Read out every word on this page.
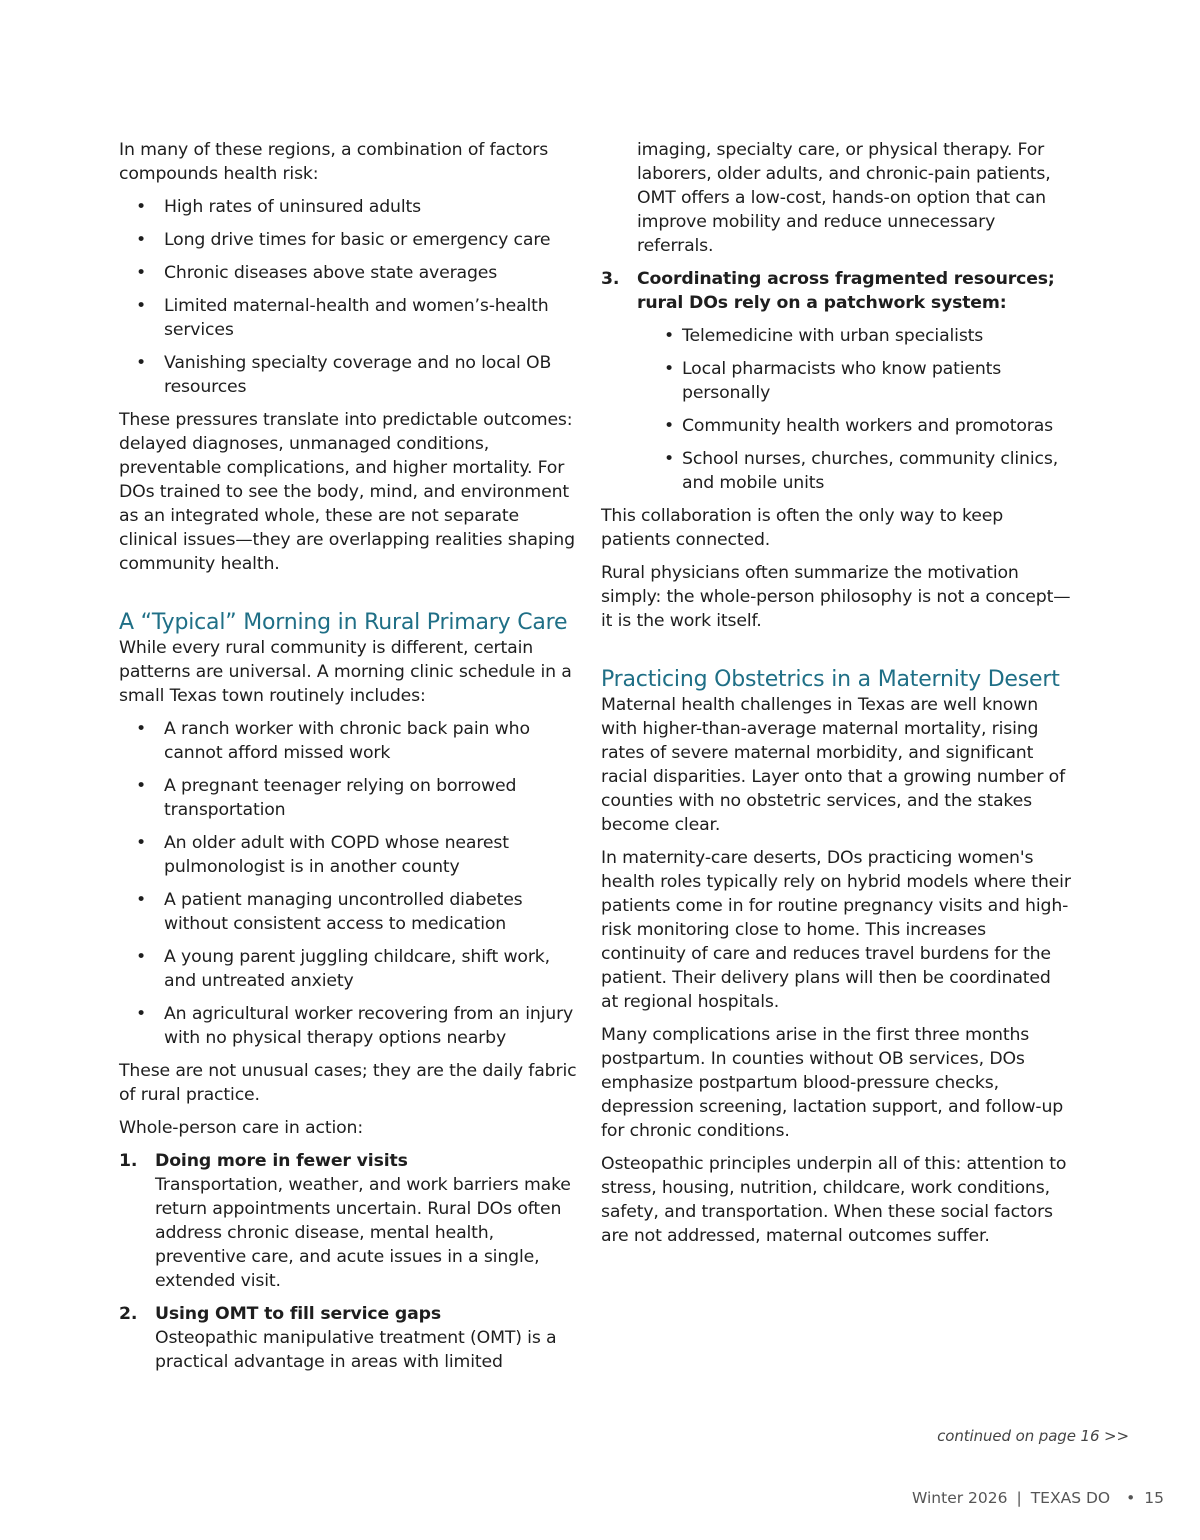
In many of these regions, a combination of factors compounds health risk:

• High rates of uninsured adults
• Long drive times for basic or emergency care
• Chronic diseases above state averages
• Limited maternal-health and women’s-health services
• Vanishing specialty coverage and no local OB resources

These pressures translate into predictable outcomes: delayed diagnoses, unmanaged conditions, preventable complications, and higher mortality. For DOs trained to see the body, mind, and environment as an integrated whole, these are not separate clinical issues—they are overlapping realities shaping community health.

A “Typical” Morning in Rural Primary Care

While every rural community is different, certain patterns are universal. A morning clinic schedule in a small Texas town routinely includes:

• A ranch worker with chronic back pain who cannot afford missed work
• A pregnant teenager relying on borrowed transportation
• An older adult with COPD whose nearest pulmonologist is in another county
• A patient managing uncontrolled diabetes without consistent access to medication
• A young parent juggling childcare, shift work, and untreated anxiety
• An agricultural worker recovering from an injury with no physical therapy options nearby

These are not unusual cases; they are the daily fabric of rural practice.

Whole-person care in action:

1. Doing more in fewer visits
Transportation, weather, and work barriers make return appointments uncertain. Rural DOs often address chronic disease, mental health, preventive care, and acute issues in a single, extended visit.
2. Using OMT to fill service gaps
Osteopathic manipulative treatment (OMT) is a practical advantage in areas with limited

imaging, specialty care, or physical therapy. For laborers, older adults, and chronic-pain patients, OMT offers a low-cost, hands-on option that can improve mobility and reduce unnecessary referrals.

3. Coordinating across fragmented resources; rural DOs rely on a patchwork system:
• Telemedicine with urban specialists
• Local pharmacists who know patients personally
• Community health workers and promotoras
• School nurses, churches, community clinics, and mobile units

This collaboration is often the only way to keep patients connected.

Rural physicians often summarize the motivation simply: the whole-person philosophy is not a concept—it is the work itself.

Practicing Obstetrics in a Maternity Desert

Maternal health challenges in Texas are well known with higher-than-average maternal mortality, rising rates of severe maternal morbidity, and significant racial disparities. Layer onto that a growing number of counties with no obstetric services, and the stakes become clear.

In maternity-care deserts, DOs practicing women's health roles typically rely on hybrid models where their patients come in for routine pregnancy visits and high-risk monitoring close to home. This increases continuity of care and reduces travel burdens for the patient. Their delivery plans will then be coordinated at regional hospitals.

Many complications arise in the first three months postpartum. In counties without OB services, DOs emphasize postpartum blood-pressure checks, depression screening, lactation support, and follow-up for chronic conditions.

Osteopathic principles underpin all of this: attention to stress, housing, nutrition, childcare, work conditions, safety, and transportation. When these social factors are not addressed, maternal outcomes suffer.

continued on page 16 >>
Winter 2026 | TEXAS DO • 15
